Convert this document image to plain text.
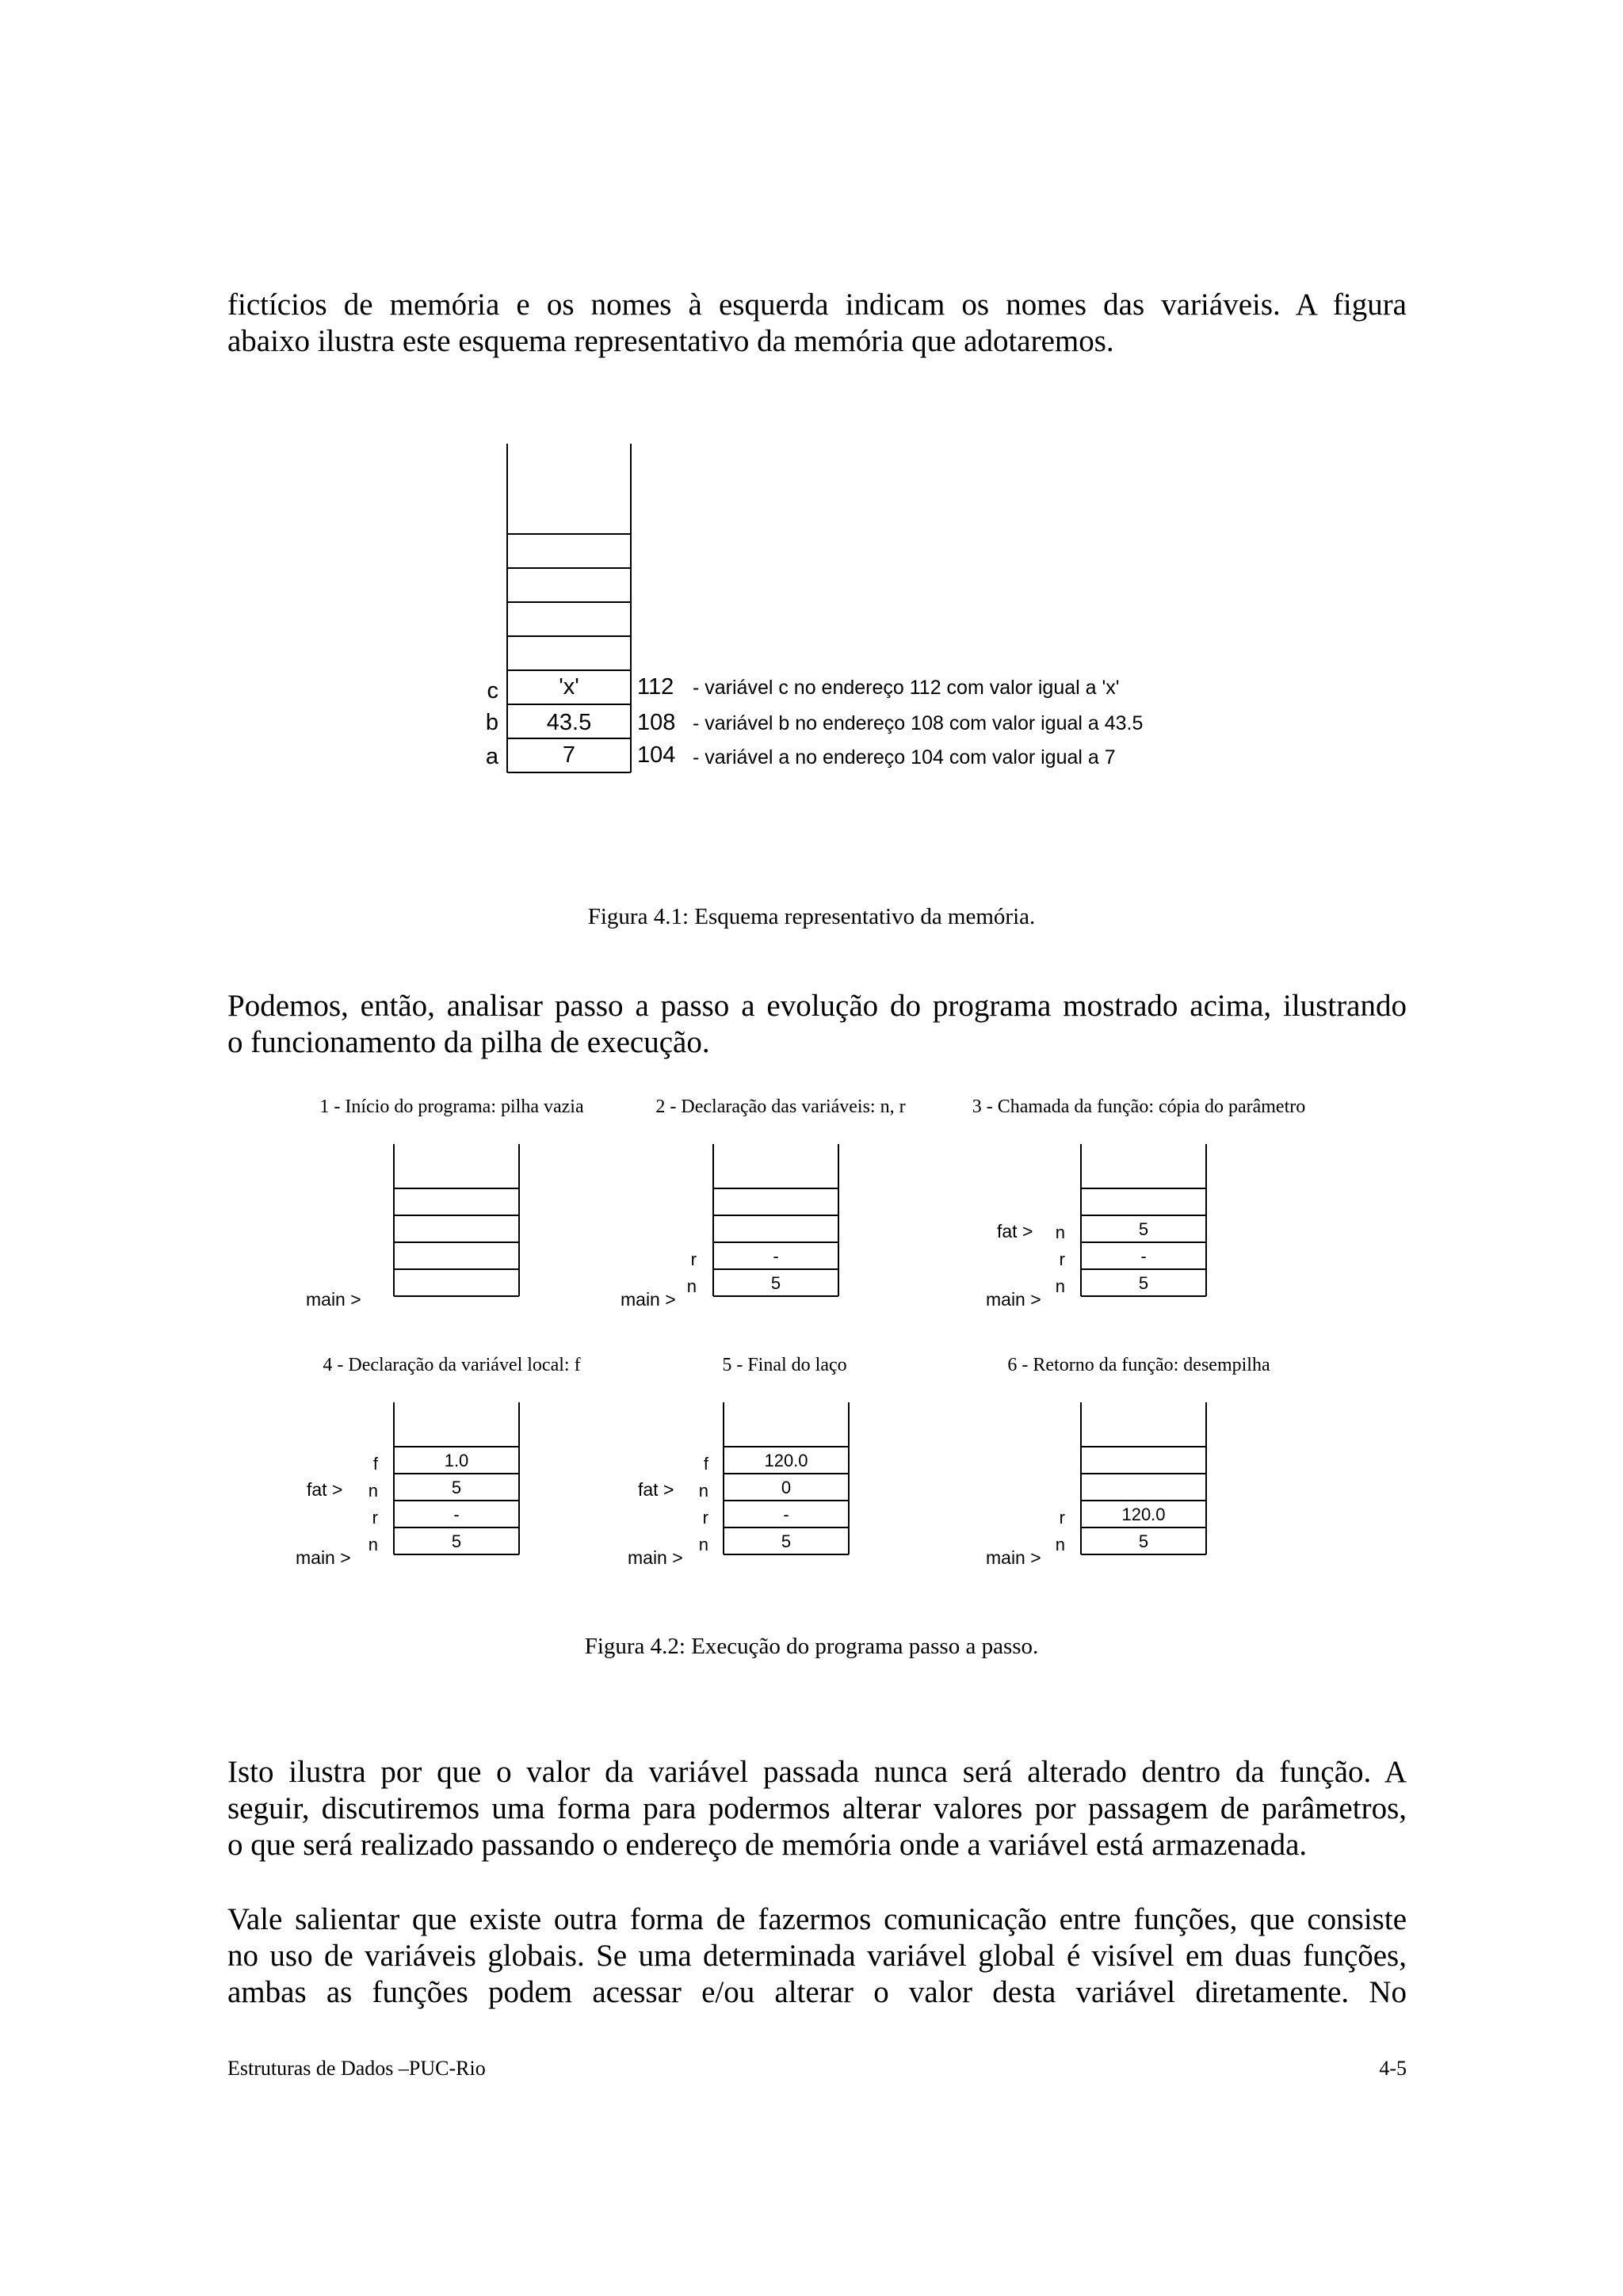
fictícios de memória e os nomes à esquerda indicam os nomes das variáveis. A figura
abaixo ilustra este esquema representativo da memória que adotaremos.
c	'x'	112 - variável c no endereço 112 com valor igual a 'x'
b 43.5 108 - variável b no endereço 108 com valor igual a 43.5
a	7	104 - variável a no endereço 104 com valor igual a 7
Figura 4.1: Esquema representativo da memória.
Podemos, então, analisar passo a passo a evolução do programa mostrado acima, ilustrando
o funcionamento da pilha de execução.
1 - Início do programa: pilha vazia
main >
2 - Declaração das variáveis: n, r
r	-
n	5
main >
3 - Chamada da função: cópia do parâmetro
n	5
r	-
n	5
fat >
main >
4 - Declaração da variável local: f
f	1.0
n	5
r	-
n	5
fat >
main >
5 - Final do laço
f	120.0
n	0
r	-
n	5
fat >
main >
6 - Retorno da função: desempilha
r	120.0
n	5
main >
Figura 4.2: Execução do programa passo a passo.
Isto ilustra por que o valor da variável passada nunca será alterado dentro da função. A
seguir, discutiremos uma forma para podermos alterar valores por passagem de parâmetros,
o que será realizado passando o endereço de memória onde a variável está armazenada.
Vale salientar que existe outra forma de fazermos comunicação entre funções, que consiste
no uso de variáveis globais. Se uma determinada variável global é visível em duas funções,
ambas as funções podem acessar e/ou alterar o valor desta variável diretamente. No
Estruturas de Dados –PUC-Rio	4-5
